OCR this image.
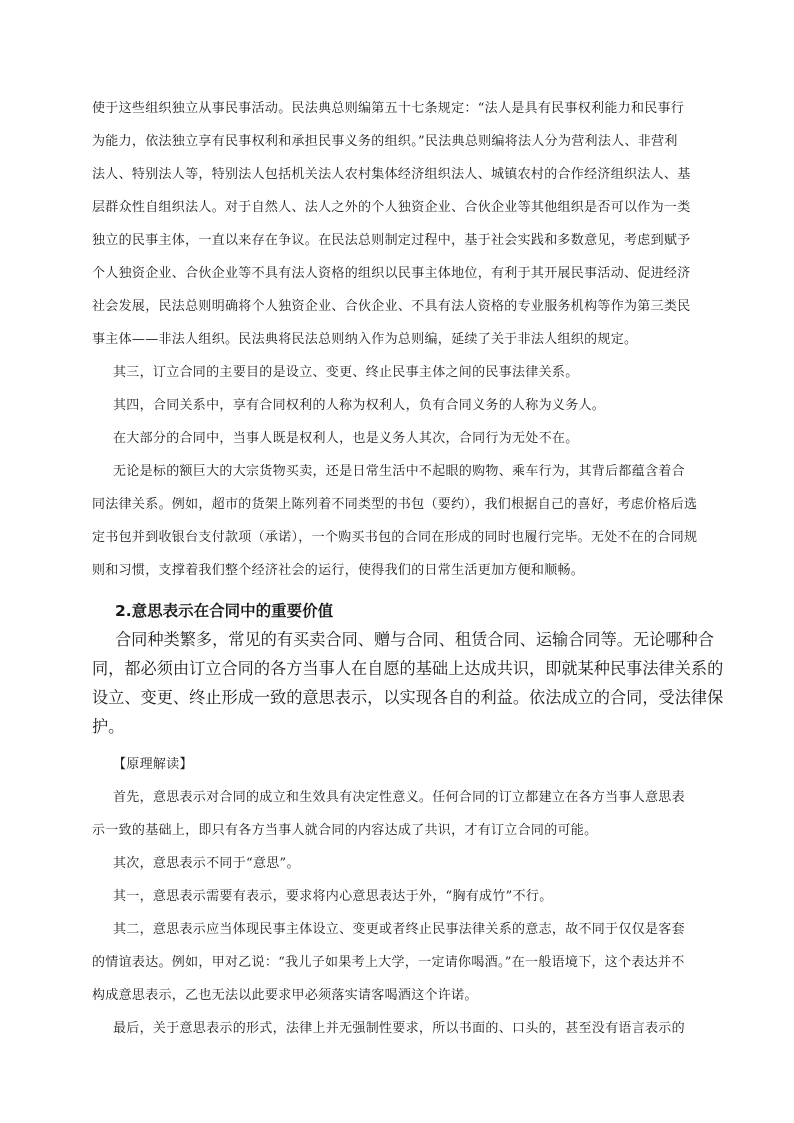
使于这些组织独立从事民事活动。民法典总则编第五十七条规定：“法人是具有民事权利能力和民事行

为能力，依法独立享有民事权利和承担民事义务的组织。”民法典总则编将法人分为营利法人、非营利

法人、特别法人等，特别法人包括机关法人农村集体经济组织法人、城镇农村的合作经济组织法人、基

层群众性自组织法人。对于自然人、法人之外的个人独资企业、合伙企业等其他组织是否可以作为一类

独立的民事主体，一直以来存在争议。在民法总则制定过程中，基于社会实践和多数意见，考虑到赋予

个人独资企业、合伙企业等不具有法人资格的组织以民事主体地位，有利于其开展民事活动、促进经济

社会发展，民法总则明确将个人独资企业、合伙企业、不具有法人资格的专业服务机构等作为第三类民

事主体——非法人组织。民法典将民法总则纳入作为总则编，延续了关于非法人组织的规定。

其三，订立合同的主要目的是设立、变更、终止民事主体之间的民事法律关系。

其四，合同关系中，享有合同权利的人称为权利人，负有合同义务的人称为义务人。

在大部分的合同中，当事人既是权利人，也是义务人其次，合同行为无处不在。

无论是标的额巨大的大宗货物买卖，还是日常生活中不起眼的购物、乘车行为，其背后都蕴含着合

同法律关系。例如，超市的货架上陈列着不同类型的书包（要约），我们根据自己的喜好，考虑价格后选

定书包并到收银台支付款项（承诺），一个购买书包的合同在形成的同时也履行完毕。无处不在的合同规

则和习惯，支撑着我们整个经济社会的运行，使得我们的日常生活更加方便和顺畅。

2.意思表示在合同中的重要价值

合同种类繁多，常见的有买卖合同、赠与合同、租赁合同、运输合同等。无论哪种合

同，都必须由订立合同的各方当事人在自愿的基础上达成共识，即就某种民事法律关系的

设立、变更、终止形成一致的意思表示，以实现各自的利益。依法成立的合同，受法律保

护。

【原理解读】

首先，意思表示对合同的成立和生效具有决定性意义。任何合同的订立都建立在各方当事人意思表

示一致的基础上，即只有各方当事人就合同的内容达成了共识，才有订立合同的可能。

其次，意思表示不同于“意思”。

其一，意思表示需要有表示，要求将内心意思表达于外，“胸有成竹”不行。

其二，意思表示应当体现民事主体设立、变更或者终止民事法律关系的意志，故不同于仅仅是客套

的情谊表达。例如，甲对乙说：“我儿子如果考上大学，一定请你喝酒。”在一般语境下，这个表达并不

构成意思表示，乙也无法以此要求甲必须落实请客喝酒这个许诺。

最后，关于意思表示的形式，法律上并无强制性要求，所以书面的、口头的，甚至没有语言表示的
